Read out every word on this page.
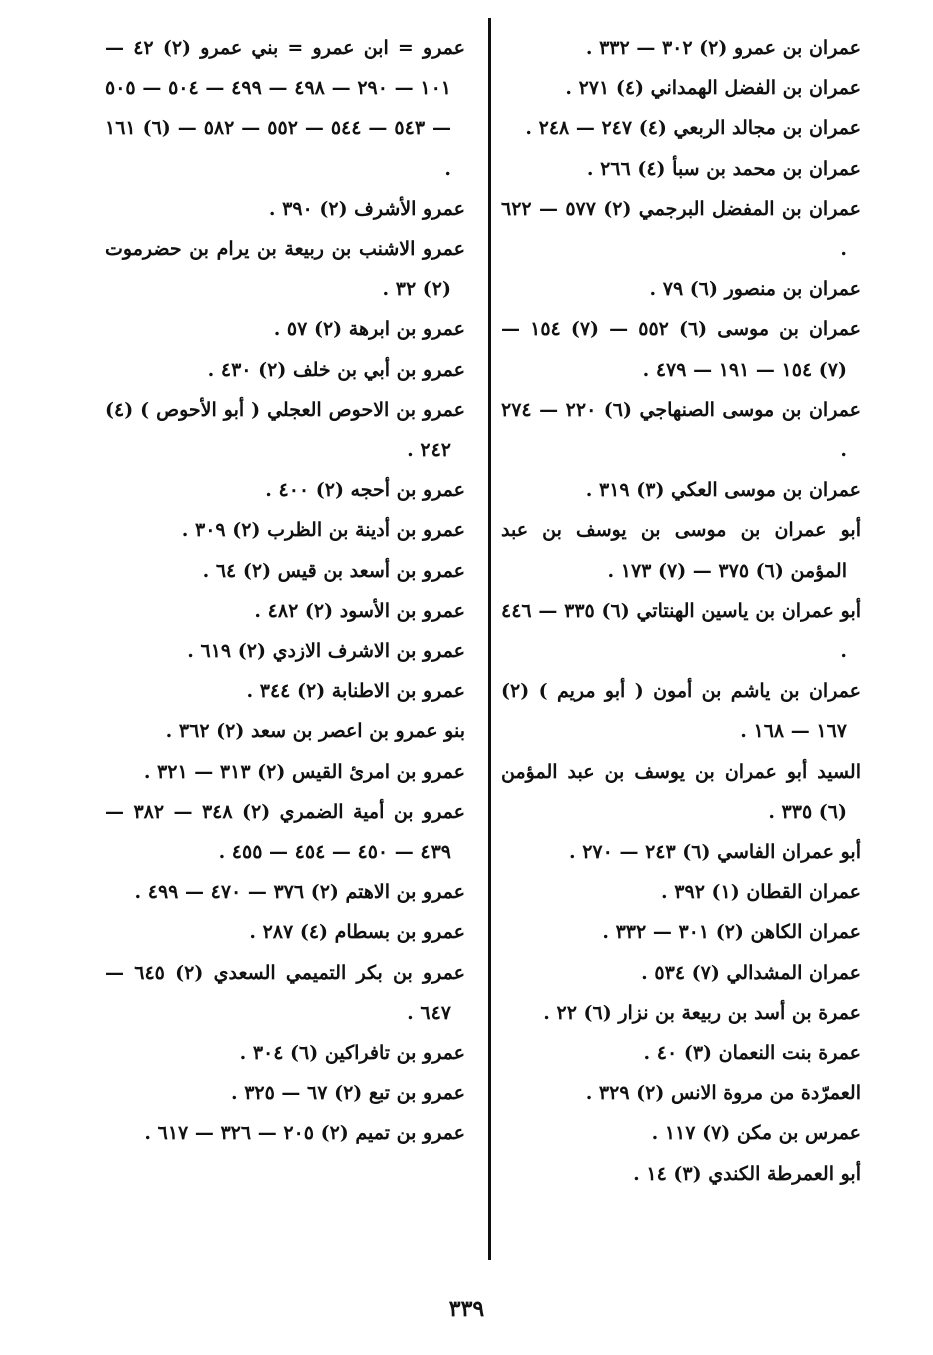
عمران بن عمرو (٢) ٣٠٢ — ٣٣٢ .

عمران بن الفضل الهمداني (٤) ٢٧١ .

عمران بن مجالد الربعي (٤) ٢٤٧ — ٢٤٨ .

عمران بن محمد بن سبأ (٤) ٢٦٦ .

عمران بن المفضل البرجمي (٢) ٥٧٧ — ٦٢٢ .

عمران بن منصور (٦) ٧٩ .

عمران بن موسى (٦) ٥٥٢ — (٧) ١٥٤ — (٧) ١٥٤ — ١٩١ — ٤٧٩ .

عمران بن موسى الصنهاجي (٦) ٢٢٠ — ٢٧٤ .

عمران بن موسى العكي (٣) ٣١٩ .

أبو عمران بن موسى بن يوسف بن عبد المؤمن (٦) ٣٧٥ — (٧) ١٧٣ .

أبو عمران بن ياسين الهنتاتي (٦) ٣٣٥ — ٤٤٦ .

عمران بن ياشم بن أمون ( أبو مريم ) (٢) ١٦٧ — ١٦٨ .

السيد أبو عمران بن يوسف بن عبد المؤمن (٦) ٣٣٥ .

أبو عمران الفاسي (٦) ٢٤٣ — ٢٧٠ .

عمران القطان (١) ٣٩٢ .

عمران الكاهن (٢) ٣٠١ — ٣٣٢ .

عمران المشدالي (٧) ٥٣٤ .

عمرة بن أسد بن ربيعة بن نزار (٦) ٢٢ .

عمرة بنت النعمان (٣) ٤٠ .

العمرّدة من مروة الانس (٢) ٣٢٩ .

عمرس بن مكن (٧) ١١٧ .

أبو العمرطة الكندي (٣) ١٤ .

عمرو = ابن عمرو = بني عمرو (٢) ٤٢ — ١٠١ — ٢٩٠ — ٤٩٨ — ٤٩٩ — ٥٠٤ — ٥٠٥ — ٥٤٣ — ٥٤٤ — ٥٥٢ — ٥٨٢ — (٦) ١٦١ .

عمرو الأشرف (٢) ٣٩٠ .

عمرو الاشنب بن ربيعة بن يرام بن حضرموت (٢) ٣٢ .

عمرو بن ابرهة (٢) ٥٧ .

عمرو بن أبي بن خلف (٢) ٤٣٠ .

عمرو بن الاحوص العجلي ( أبو الأحوص ) (٤) ٢٤٢ .

عمرو بن أحجه (٢) ٤٠٠ .

عمرو بن أدينة بن الظرب (٢) ٣٠٩ .

عمرو بن أسعد بن قيس (٢) ٦٤ .

عمرو بن الأسود (٢) ٤٨٢ .

عمرو بن الاشرف الازدي (٢) ٦١٩ .

عمرو بن الاطنابة (٢) ٣٤٤ .

بنو عمرو بن اعصر بن سعد (٢) ٣٦٢ .

عمرو بن امرئ القيس (٢) ٣١٣ — ٣٢١ .

عمرو بن أمية الضمري (٢) ٣٤٨ — ٣٨٢ — ٤٣٩ — ٤٥٠ — ٤٥٤ — ٤٥٥ .

عمرو بن الاهتم (٢) ٣٧٦ — ٤٧٠ — ٤٩٩ .

عمرو بن بسطام (٤) ٢٨٧ .

عمرو بن بكر التميمي السعدي (٢) ٦٤٥ — ٦٤٧ .

عمرو بن تافراكين (٦) ٣٠٤ .

عمرو بن تبع (٢) ٦٧ — ٣٢٥ .

عمرو بن تميم (٢) ٢٠٥ — ٣٢٦ — ٦١٧ .

٣٣٩
